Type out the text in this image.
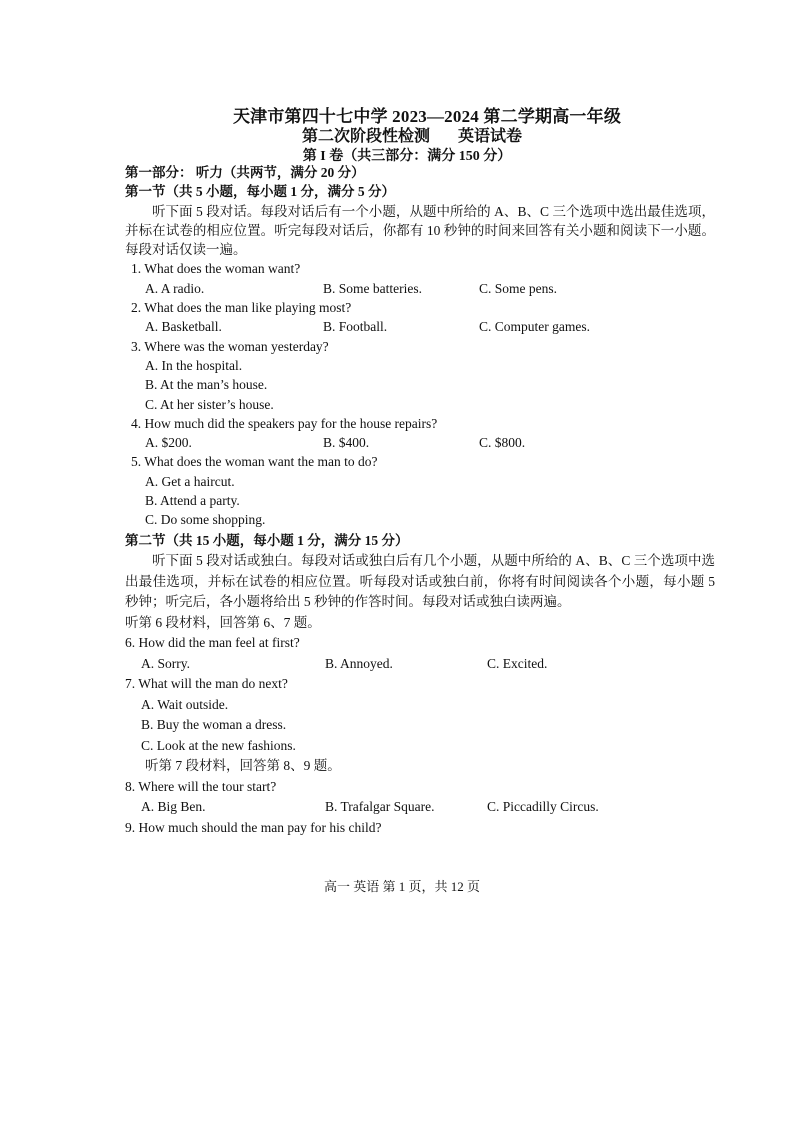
天津市第四十七中学 2023—2024 第二学期高一年级
第二次阶段性检测 英语试卷
第 I 卷（共三部分：满分 150 分）
第一部分： 听力（共两节，满分 20 分）
第一节（共 5 小题，每小题 1 分，满分 5 分）
听下面 5 段对话。每段对话后有一个小题，从题中所给的 A、B、C 三个选项中选出最佳选项，并标在试卷的相应位置。听完每段对话后，你都有 10 秒钟的时间来回答有关小题和阅读下一小题。每段对话仅读一遍。
1. What does the woman want?
A. A radio.	B. Some batteries.	C. Some pens.
2. What does the man like playing most?
A. Basketball.	B. Football.	C. Computer games.
3. Where was the woman yesterday?
A. In the hospital.
B. At the man’s house.
C. At her sister’s house.
4. How much did the speakers pay for the house repairs?
A. $200.	B. $400.	C. $800.
5. What does the woman want the man to do?
A. Get a haircut.
B. Attend a party.
C. Do some shopping.
第二节（共 15 小题，每小题 1 分，满分 15 分）
听下面 5 段对话或独白。每段对话或独白后有几个小题，从题中所给的 A、B、C 三个选项中选出最佳选项，并标在试卷的相应位置。听每段对话或独白前，你将有时间阅读各个小题，每小题 5 秒钟；听完后，各小题将给出 5 秒钟的作答时间。每段对话或独白读两遍。
听第 6 段材料，回答第 6、7 题。
6. How did the man feel at first?
A. Sorry.	B. Annoyed.	C. Excited.
7. What will the man do next?
A. Wait outside.
B. Buy the woman a dress.
C. Look at the new fashions.
听第 7 段材料，回答第 8、9 题。
8. Where will the tour start?
A. Big Ben.	B. Trafalgar Square.	C. Piccadilly Circus.
9. How much should the man pay for his child?
高一 英语 第 1 页，共 12 页
